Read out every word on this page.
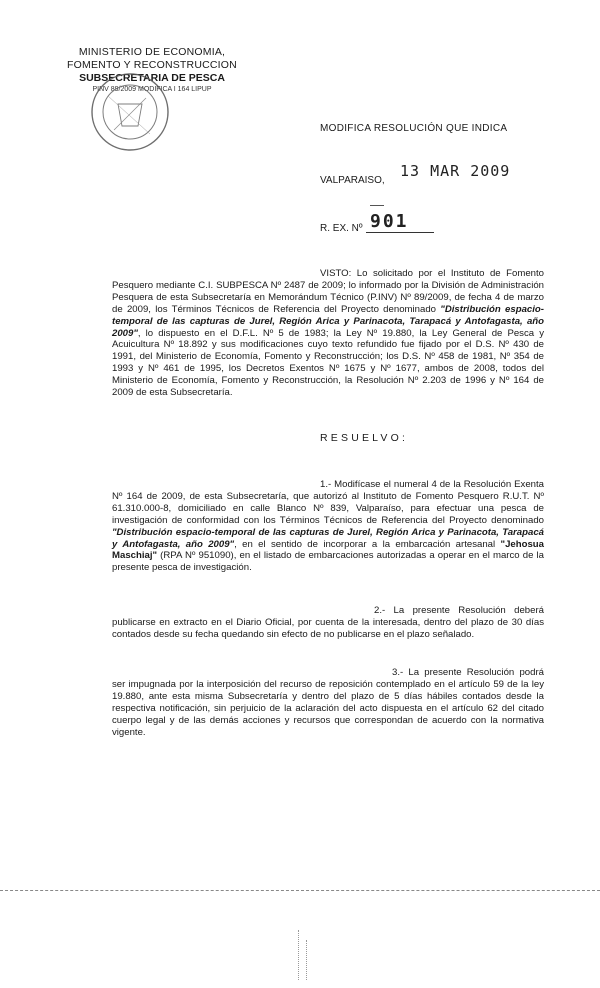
MINISTERIO DE ECONOMIA,
FOMENTO Y RECONSTRUCCION
SUBSECRETARIA DE PESCA
PINV 89/2009 MODIFICA I 164 LIPUP
MODIFICA RESOLUCIÓN QUE INDICA
VALPARAISO,
13 MAR 2009
R. EX. Nº 901
VISTO: Lo solicitado por el Instituto de Fomento Pesquero mediante C.I. SUBPESCA Nº 2487 de 2009; lo informado por la División de Administración Pesquera de esta Subsecretaría en Memorándum Técnico (P.INV) Nº 89/2009, de fecha 4 de marzo de 2009, los Términos Técnicos de Referencia del Proyecto denominado "Distribución espacio-temporal de las capturas de Jurel, Región Arica y Parinacota, Tarapacá y Antofagasta, año 2009", lo dispuesto en el D.F.L. Nº 5 de 1983; la Ley Nº 19.880, la Ley General de Pesca y Acuicultura Nº 18.892 y sus modificaciones cuyo texto refundido fue fijado por el D.S. Nº 430 de 1991, del Ministerio de Economía, Fomento y Reconstrucción; los D.S. Nº 458 de 1981, Nº 354 de 1993 y Nº 461 de 1995, los Decretos Exentos Nº 1675 y Nº 1677, ambos de 2008, todos del Ministerio de Economía, Fomento y Reconstrucción, la Resolución Nº 2.203 de 1996 y Nº 164 de 2009 de esta Subsecretaría.
RESUELVO:
1.- Modifícase el numeral 4 de la Resolución Exenta Nº 164 de 2009, de esta Subsecretaría, que autorizó al Instituto de Fomento Pesquero R.U.T. Nº 61.310.000-8, domiciliado en calle Blanco Nº 839, Valparaíso, para efectuar una pesca de investigación de conformidad con los Términos Técnicos de Referencia del Proyecto denominado "Distribución espacio-temporal de las capturas de Jurel, Región Arica y Parinacota, Tarapacá y Antofagasta, año 2009", en el sentido de incorporar a la embarcación artesanal "Jehosua Maschiaj" (RPA Nº 951090), en el listado de embarcaciones autorizadas a operar en el marco de la presente pesca de investigación.
2.- La presente Resolución deberá publicarse en extracto en el Diario Oficial, por cuenta de la interesada, dentro del plazo de 30 días contados desde su fecha quedando sin efecto de no publicarse en el plazo señalado.
3.- La presente Resolución podrá ser impugnada por la interposición del recurso de reposición contemplado en el artículo 59 de la ley 19.880, ante esta misma Subsecretaría y dentro del plazo de 5 días hábiles contados desde la respectiva notificación, sin perjuicio de la aclaración del acto dispuesta en el artículo 62 del citado cuerpo legal y de las demás acciones y recursos que correspondan de acuerdo con la normativa vigente.
